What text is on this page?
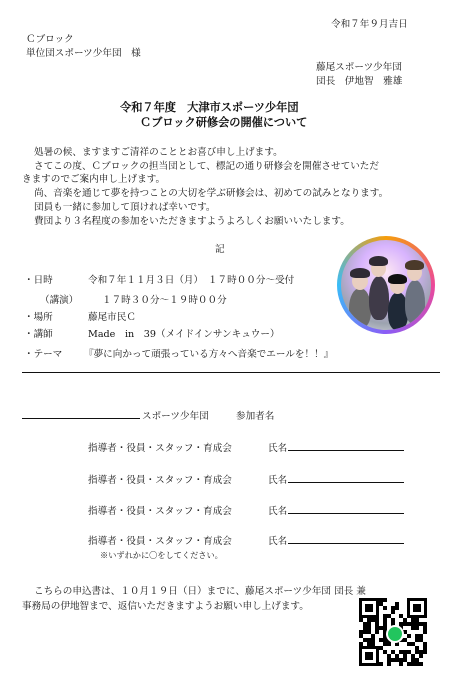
令和７年９月吉日
Ｃブロック
単位団スポーツ少年団　様
藤尾スポーツ少年団
団長　伊地智　雅雄
令和７年度　大津市スポーツ少年団
Ｃブロック研修会の開催について
処暑の候、ますますご清祥のこととお喜び申し上げます。
さてこの度、Ｃブロックの担当団として、標記の通り研修会を開催させていただ
きますのでご案内申し上げます。
尚、音楽を通じて夢を持つことの大切を学ぶ研修会は、初めての試みとなります。
団員も一緒に参加して頂ければ幸いです。
費団より３名程度の参加をいただきますようよろしくお願いいたします。
記
・日時	令和７年１１月３日（月）　１７時００分〜受付
（講演） １７時３０分〜１９時００分
・場所	藤尾市民Ｃ
・講師	Made　in　39（メイドインサンキュウー）
・テーマ 『夢に向かって頑張っている方々へ音楽でエールを！！』
スポーツ少年団	参加者名
指導者・役員・スタッフ・育成会	氏名
指導者・役員・スタッフ・育成会	氏名
指導者・役員・スタッフ・育成会	氏名
指導者・役員・スタッフ・育成会	氏名
※いずれかに〇をしてください。
こちらの申込書は、１０月１９日（日）までに、藤尾スポーツ少年団 団長 兼
事務局の伊地智まで、返信いただきますようお願い申し上げます。
